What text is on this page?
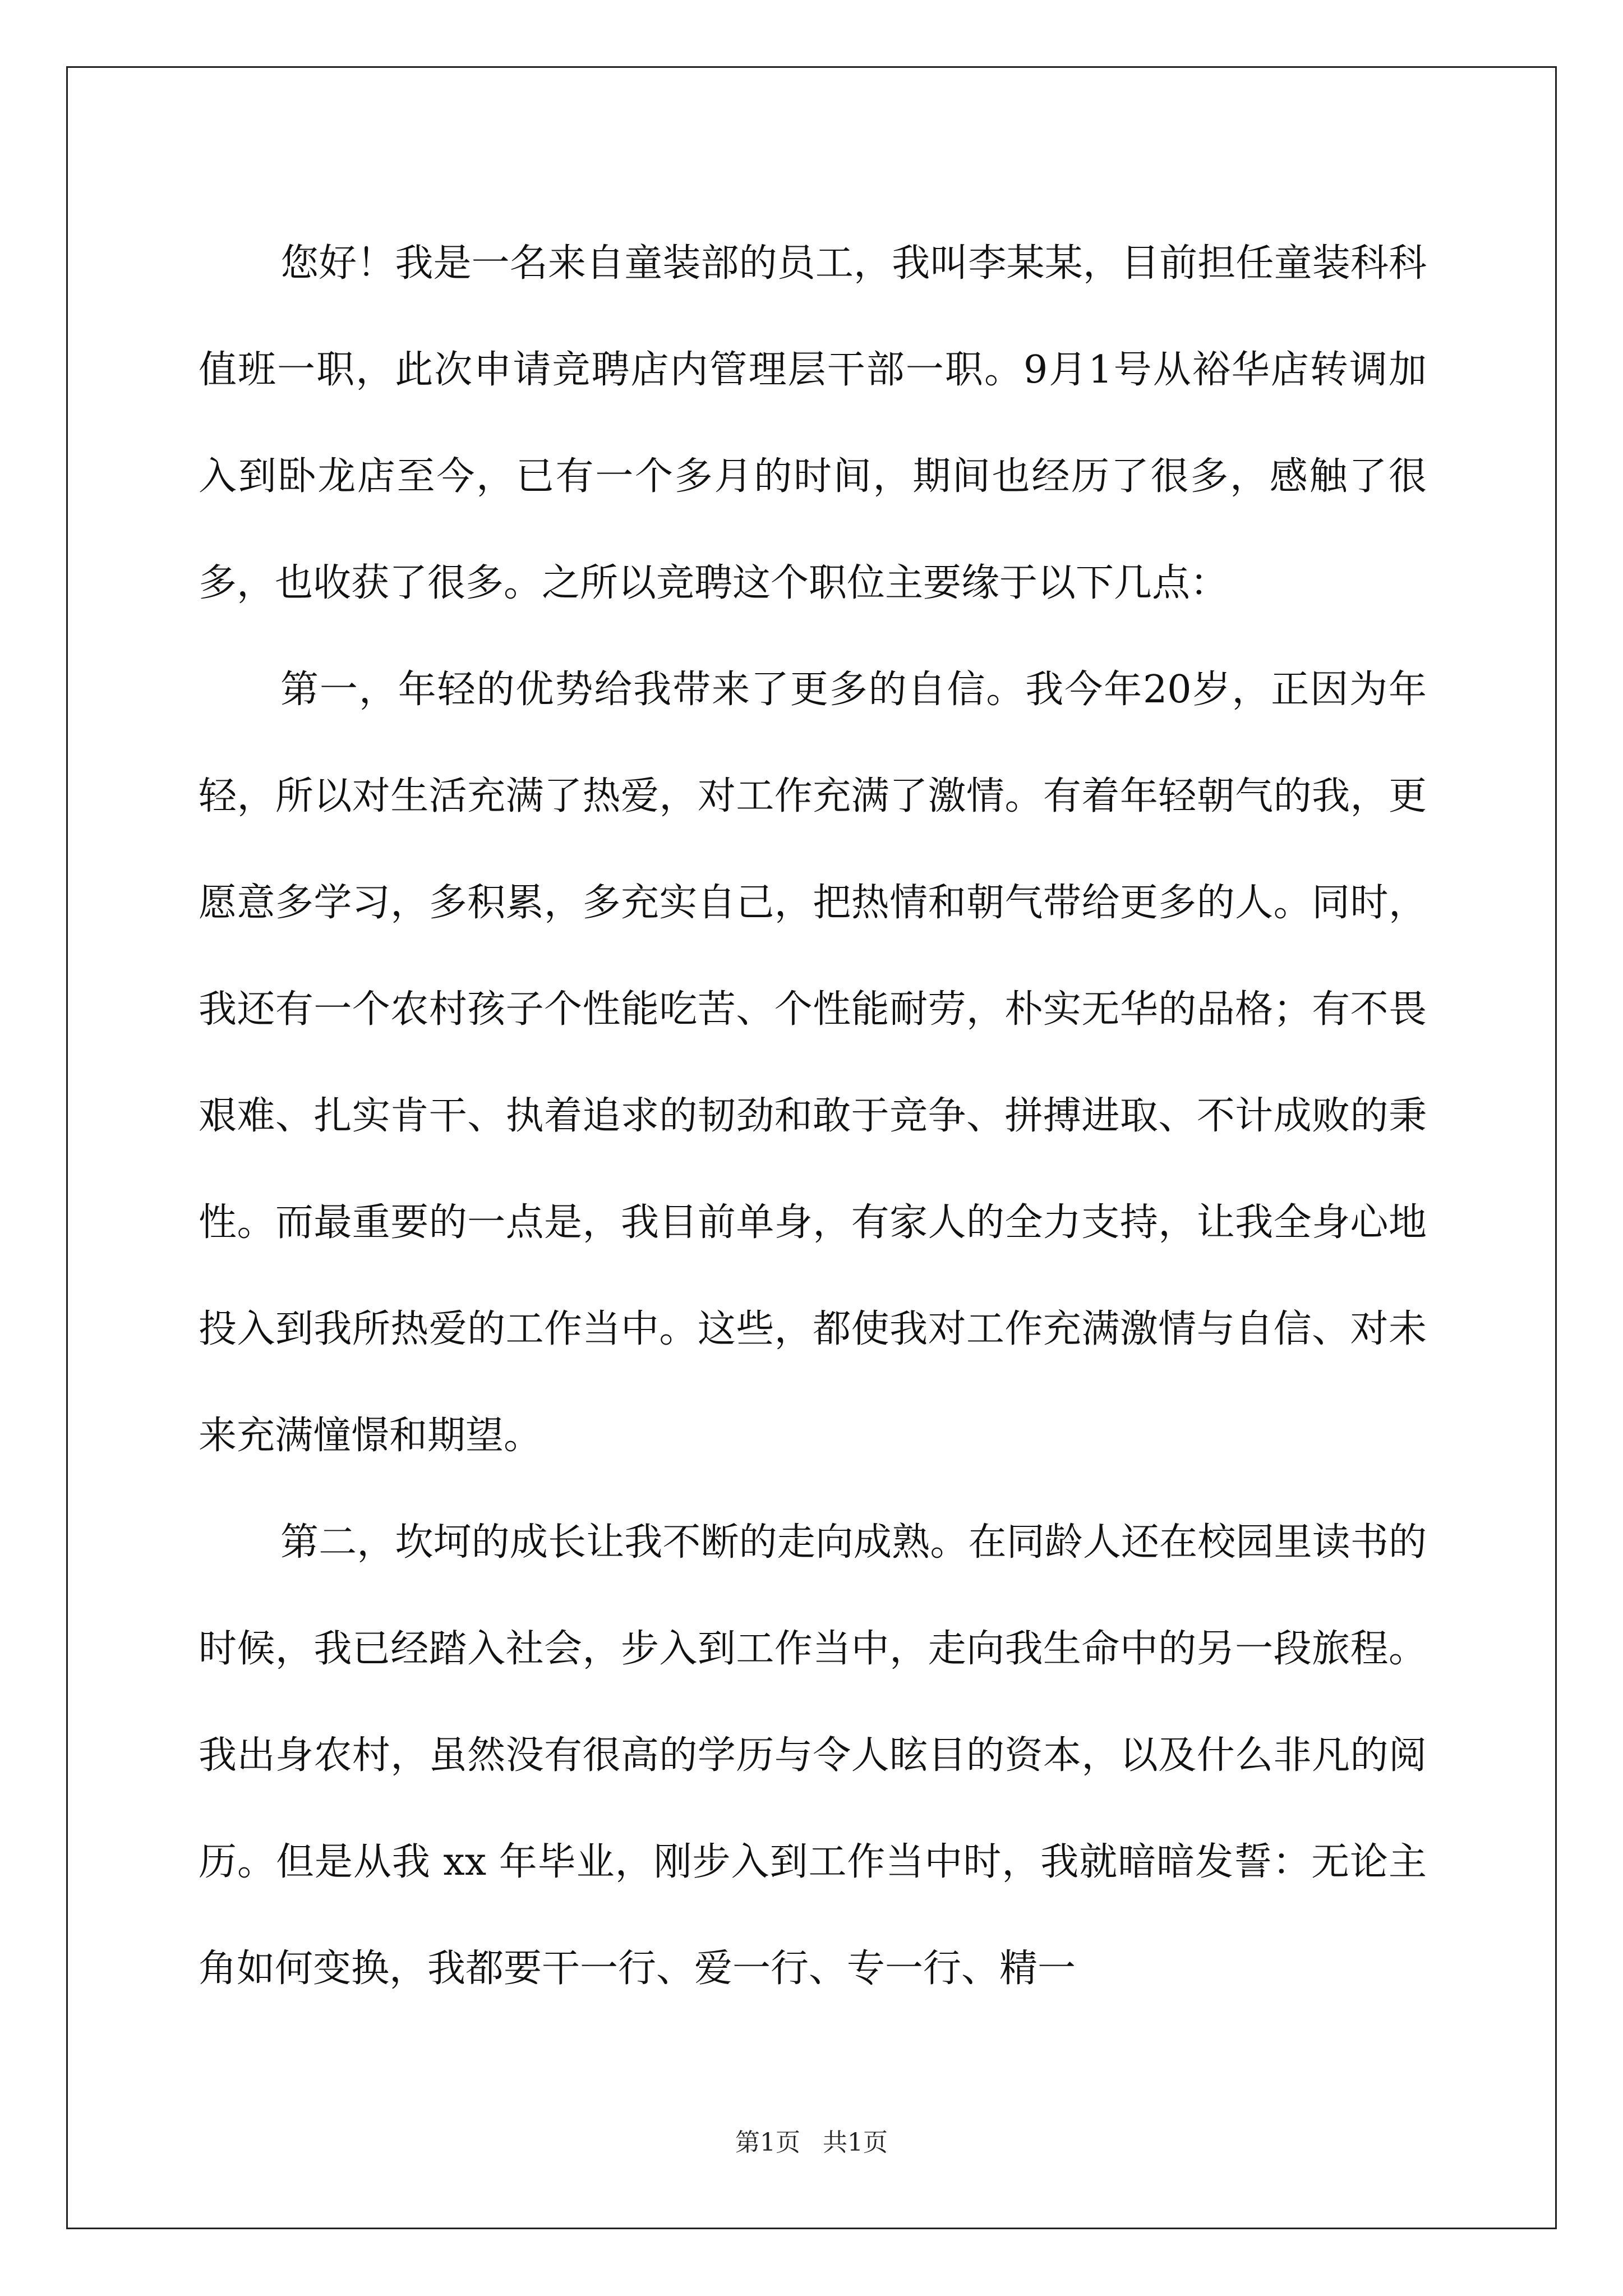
您好！我是一名来自童装部的员工，我叫李某某，目前担任童装科科值班一职，此次申请竞聘店内管理层干部一职。9月1号从裕华店转调加入到卧龙店至今，已有一个多月的时间，期间也经历了很多，感触了很多，也收获了很多。之所以竞聘这个职位主要缘于以下几点：

第一，年轻的优势给我带来了更多的自信。我今年20岁，正因为年轻，所以对生活充满了热爱，对工作充满了激情。有着年轻朝气的我，更愿意多学习，多积累，多充实自己，把热情和朝气带给更多的人。同时，我还有一个农村孩子个性能吃苦、个性能耐劳，朴实无华的品格；有不畏艰难、扎实肯干、执着追求的韧劲和敢于竞争、拼搏进取、不计成败的秉性。而最重要的一点是，我目前单身，有家人的全力支持，让我全身心地投入到我所热爱的工作当中。这些，都使我对工作充满激情与自信、对未来充满憧憬和期望。

第二，坎坷的成长让我不断的走向成熟。在同龄人还在校园里读书的时候，我已经踏入社会，步入到工作当中，走向我生命中的另一段旅程。我出身农村，虽然没有很高的学历与令人眩目的资本，以及什么非凡的阅历。但是从我 xx 年毕业，刚步入到工作当中时，我就暗暗发誓：无论主角如何变换，我都要干一行、爱一行、专一行、精一

第1页 共1页
